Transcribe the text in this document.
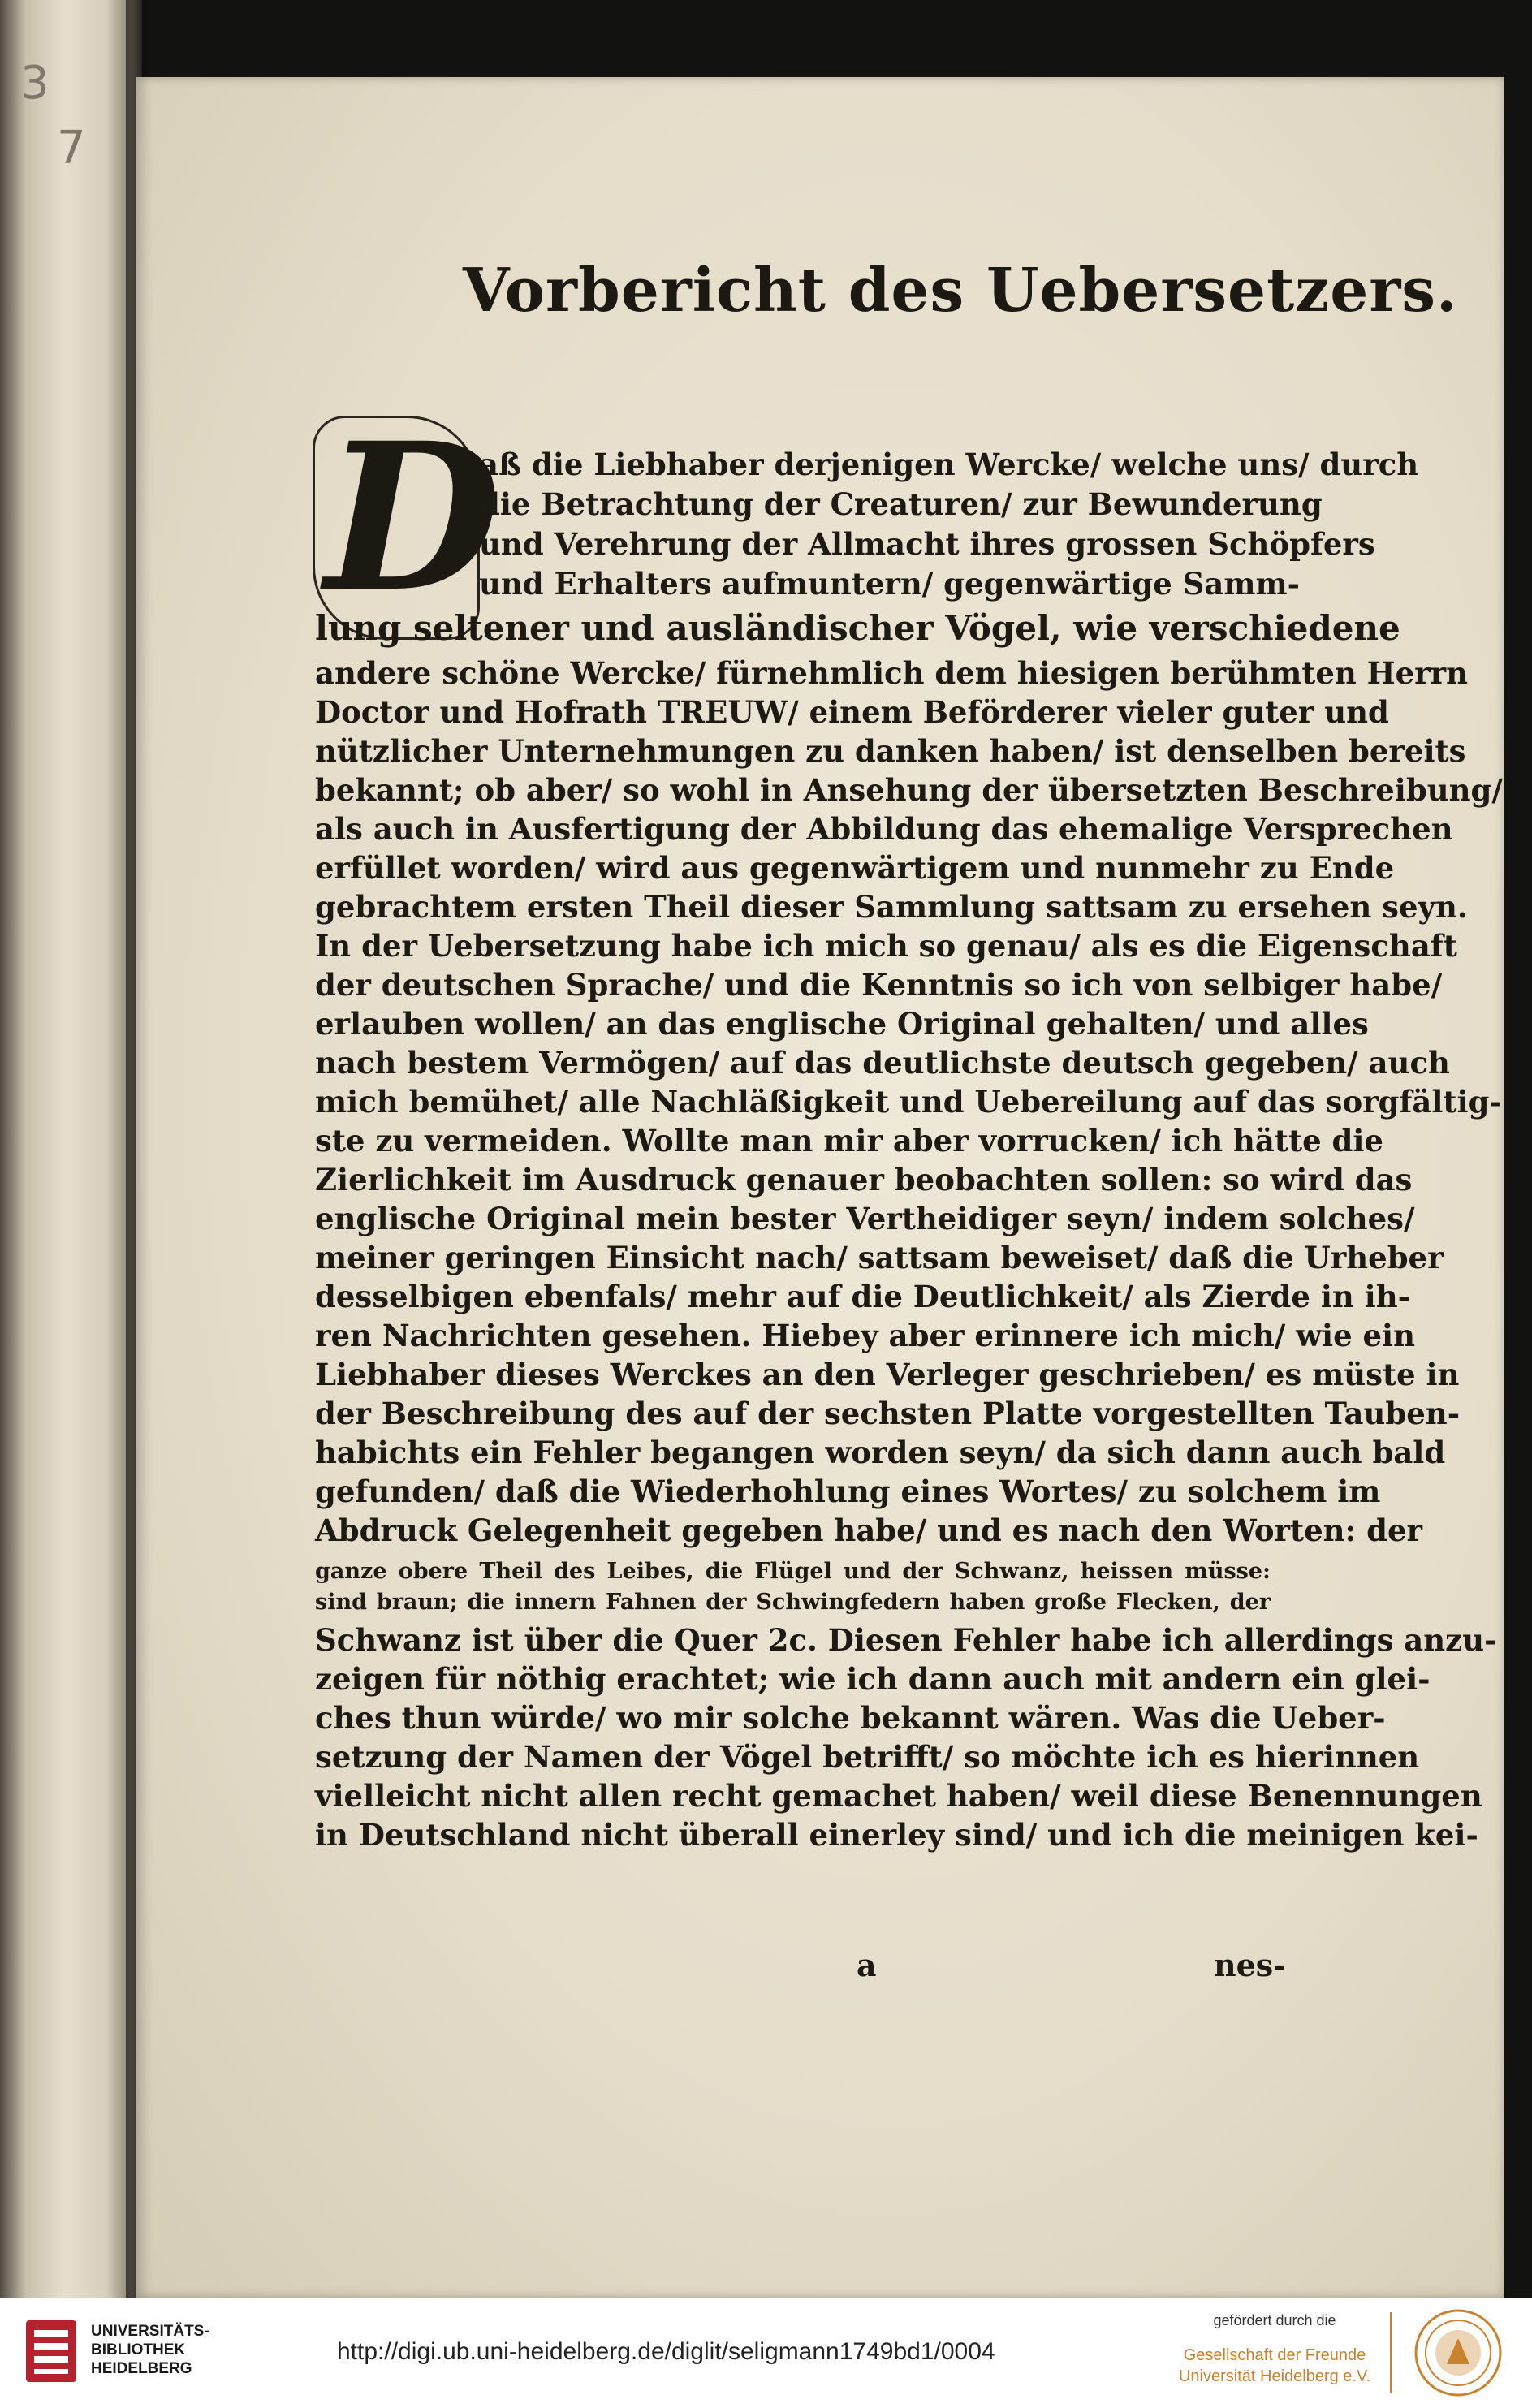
3
7
Vorbericht des Uebersetzers.
D
aß die Liebhaber derjenigen Wercke/ welche uns/ durch
die Betrachtung der Creaturen/ zur Bewunderung
und Verehrung der Allmacht ihres grossen Schöpfers
und Erhalters aufmuntern/ gegenwärtige Samm-
lung seltener und ausländischer Vögel, wie verschiedene
andere schöne Wercke/ fürnehmlich dem hiesigen berühmten Herrn
Doctor und Hofrath TREUW/ einem Beförderer vieler guter und
nützlicher Unternehmungen zu danken haben/ ist denselben bereits
bekannt; ob aber/ so wohl in Ansehung der übersetzten Beschreibung/
als auch in Ausfertigung der Abbildung das ehemalige Versprechen
erfüllet worden/ wird aus gegenwärtigem und nunmehr zu Ende
gebrachtem ersten Theil dieser Sammlung sattsam zu ersehen seyn.
In der Uebersetzung habe ich mich so genau/ als es die Eigenschaft
der deutschen Sprache/ und die Kenntnis so ich von selbiger habe/
erlauben wollen/ an das englische Original gehalten/ und alles
nach bestem Vermögen/ auf das deutlichste deutsch gegeben/ auch
mich bemühet/ alle Nachläßigkeit und Uebereilung auf das sorgfältig-
ste zu vermeiden. Wollte man mir aber vorrucken/ ich hätte die
Zierlichkeit im Ausdruck genauer beobachten sollen: so wird das
englische Original mein bester Vertheidiger seyn/ indem solches/
meiner geringen Einsicht nach/ sattsam beweiset/ daß die Urheber
desselbigen ebenfals/ mehr auf die Deutlichkeit/ als Zierde in ih-
ren Nachrichten gesehen. Hiebey aber erinnere ich mich/ wie ein
Liebhaber dieses Werckes an den Verleger geschrieben/ es müste in
der Beschreibung des auf der sechsten Platte vorgestellten Tauben-
habichts ein Fehler begangen worden seyn/ da sich dann auch bald
gefunden/ daß die Wiederhohlung eines Wortes/ zu solchem im
Abdruck Gelegenheit gegeben habe/ und es nach den Worten: der
ganze obere Theil des Leibes, die Flügel und der Schwanz, heissen müsse:
sind braun; die innern Fahnen der Schwingfedern haben große Flecken, der
Schwanz ist über die Quer 2c. Diesen Fehler habe ich allerdings anzu-
zeigen für nöthig erachtet; wie ich dann auch mit andern ein glei-
ches thun würde/ wo mir solche bekannt wären. Was die Ueber-
setzung der Namen der Vögel betrifft/ so möchte ich es hierinnen
vielleicht nicht allen recht gemachet haben/ weil diese Benennungen
in Deutschland nicht überall einerley sind/ und ich die meinigen kei-
a	nes-
UNIVERSITÄTS-
BIBLIOTHEK
HEIDELBERG
http://digi.ub.uni-heidelberg.de/diglit/seligmann1749bd1/0004
gefördert durch die
Gesellschaft der Freunde
Universität Heidelberg e.V.
